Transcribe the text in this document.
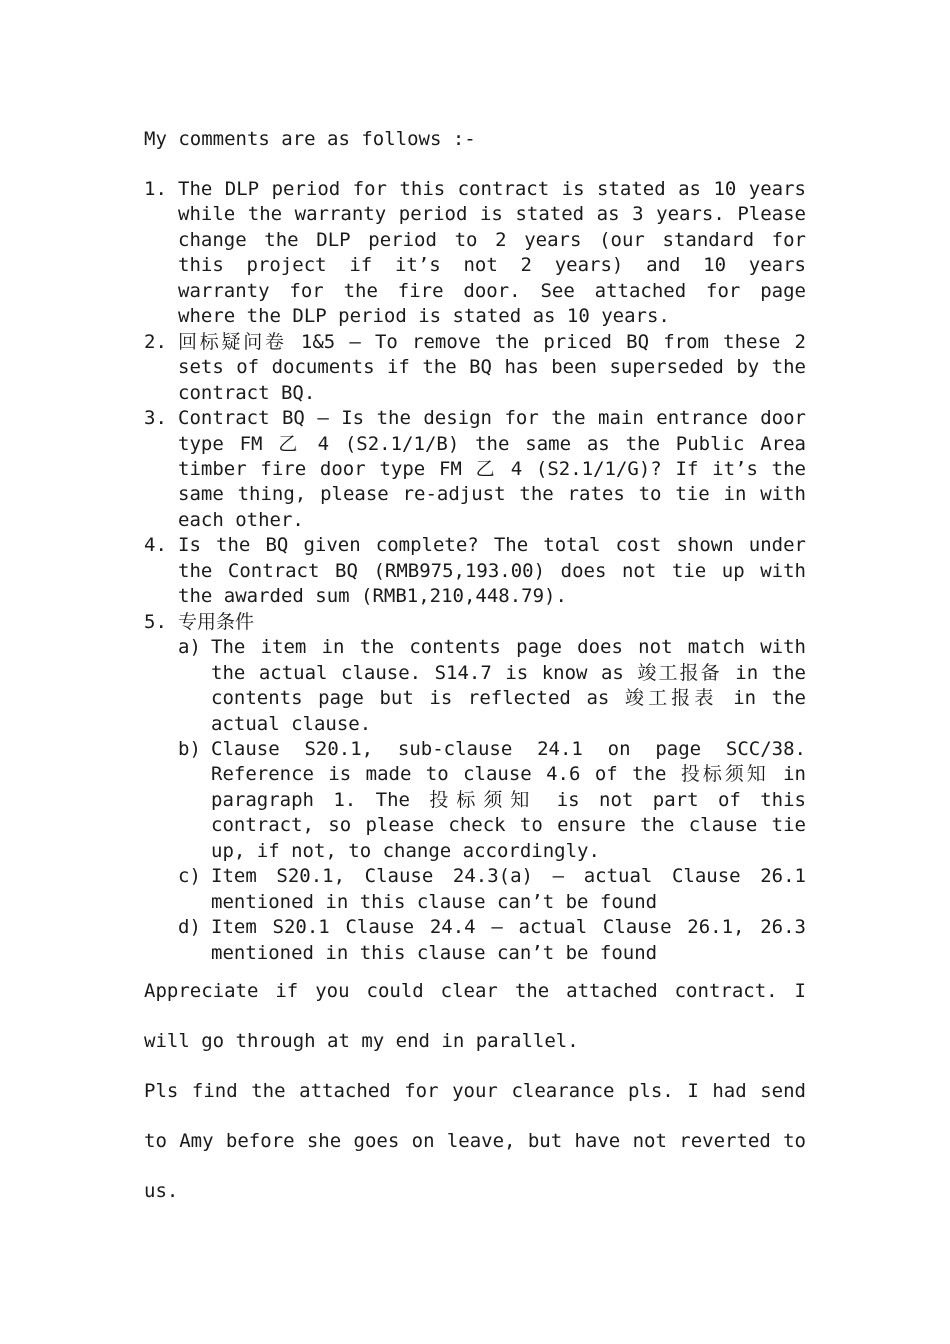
My comments are as follows :-

1. The DLP period for this contract is stated as 10 years while the warranty period is stated as 3 years. Please change the DLP period to 2 years (our standard for this project if it’s not 2 years) and 10 years warranty for the fire door. See attached for page where the DLP period is stated as 10 years.
2. 回标疑问卷 1&5 – To remove the priced BQ from these 2 sets of documents if the BQ has been superseded by the contract BQ.
3. Contract BQ – Is the design for the main entrance door type FM 乙 4 (S2.1/1/B) the same as the Public Area timber fire door type FM 乙 4 (S2.1/1/G)? If it’s the same thing, please re-adjust the rates to tie in with each other.
4. Is the BQ given complete? The total cost shown under the Contract BQ (RMB975,193.00) does not tie up with the awarded sum (RMB1,210,448.79).
5. 专用条件
a) The item in the contents page does not match with the actual clause. S14.7 is know as 竣工报备 in the contents page but is reflected as 竣工报表 in the actual clause.
b) Clause S20.1, sub-clause 24.1 on page SCC/38. Reference is made to clause 4.6 of the 投标须知 in paragraph 1. The 投标须知 is not part of this contract, so please check to ensure the clause tie up, if not, to change accordingly.
c) Item S20.1, Clause 24.3(a) – actual Clause 26.1 mentioned in this clause can’t be found
d) Item S20.1 Clause 24.4 – actual Clause 26.1, 26.3 mentioned in this clause can’t be found

Appreciate if you could clear the attached contract. I will go through at my end in parallel.

Pls find the attached for your clearance pls. I had send to Amy before she goes on leave, but have not reverted to us.
